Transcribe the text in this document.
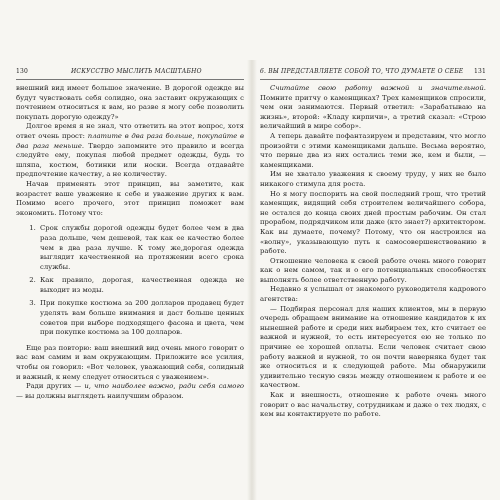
130	ИСКУССТВО МЫСЛИТЬ МАСШТАБНО	6. ВЫ ПРЕДСТАВЛЯЕТЕ СОБОЙ ТО, ЧТО ДУМАЕТЕ О СЕБЕ 131

внешний вид имеет большое значение. В дорогой одежде вы будут чувствовать себя солидно, она заставит окружающих с почтением относиться к вам, но разве я могу себе позволить покупать дорогую одежду?»

Долгое время я не знал, что ответить на этот вопрос, хотя ответ очень прост: платите в два раза больше, покупайте в два раза меньше. Твердо запомните это правило и всегда следуйте ему, покупая любой предмет одежды, будь то шляпа, костюм, ботинки или носки. Всегда отдавайте предпочтение качеству, а не количеству.

Начав применять этот принцип, вы заметите, как возрастет ваше уважение к себе и уважение других к вам. Помимо всего прочего, этот принцип поможет вам экономить. Потому что:

1. Срок службы дорогой одежды будет более чем в два раза дольше, чем дешевой, так как ее качество более чем в два раза лучше. К тому же,дорогая одежда выглядит качественной на протяжении всего срока службы.
2. Как правило, дорогая, качественная одежда не выходит из моды.
3. При покупке костюма за 200 долларов продавец будет уделять вам больше внимания и даст больше ценных советов при выборе подходящего фасона и цвета, чем при покупке костюма за 100 долларов.

Еще раз повторю: ваш внешний вид очень много говорит о вас вам самим и вам окружающим. Приложите все усилия, чтобы он говорил: «Вот человек, уважающий себя, солидный и важный, к нему следует относиться с уважением».

Ради других — и, что наиболее важно, ради себя самого — вы должны выглядеть наилучшим образом.

Считайте свою работу важной и значительной. Помните притчу о каменщиках? Трех каменщиков спросили, чем они занимаются. Первый ответил: «Зарабатываю на жизнь», второй: «Кладу кирпичи», а третий сказал: «Строю величайший в мире собор».

А теперь давайте пофантазируем и представим, что могло произойти с этими каменщиками дальше. Весьма вероятно, что первые два из них остались теми же, кем и были, — каменщиками.

Им не хватало уважения к своему труду, у них не было никакого стимула для роста.

Но я могу поспорить на свой последний грош, что третий каменщик, видящий себя строителем величайшего собора, не остался до конца своих дней простым рабочим. Он стал прорабом, подрядчиком или даже (кто знает?) архитектором. Как вы думаете, почему? Потому, что он настроился на «волну», указывающую путь к самосовершенствованию в работе.

Отношение человека к своей работе очень много говорит как о нем самом, так и о его потенциальных способностях выполнять более ответственную работу.

Недавно я услышал от знакомого руководителя кадрового агентства:

— Подбирая персонал для наших клиентов, мы в первую очередь обращаем внимание на отношение кандидатов к их нынешней работе и среди них выбираем тех, кто считает ее важной и нужной, то есть интересуется ею не только по причине ее хорошей оплаты. Если человек считает свою работу важной и нужной, то он почти наверняка будет так же относиться и к следующей работе. Мы обнаружили удивительно тесную связь между отношением к работе и ее качеством.

Как и внешность, отношение к работе очень много говорит о вас начальству, сотрудникам и даже о тех людях, с кем вы контактируете по работе.
